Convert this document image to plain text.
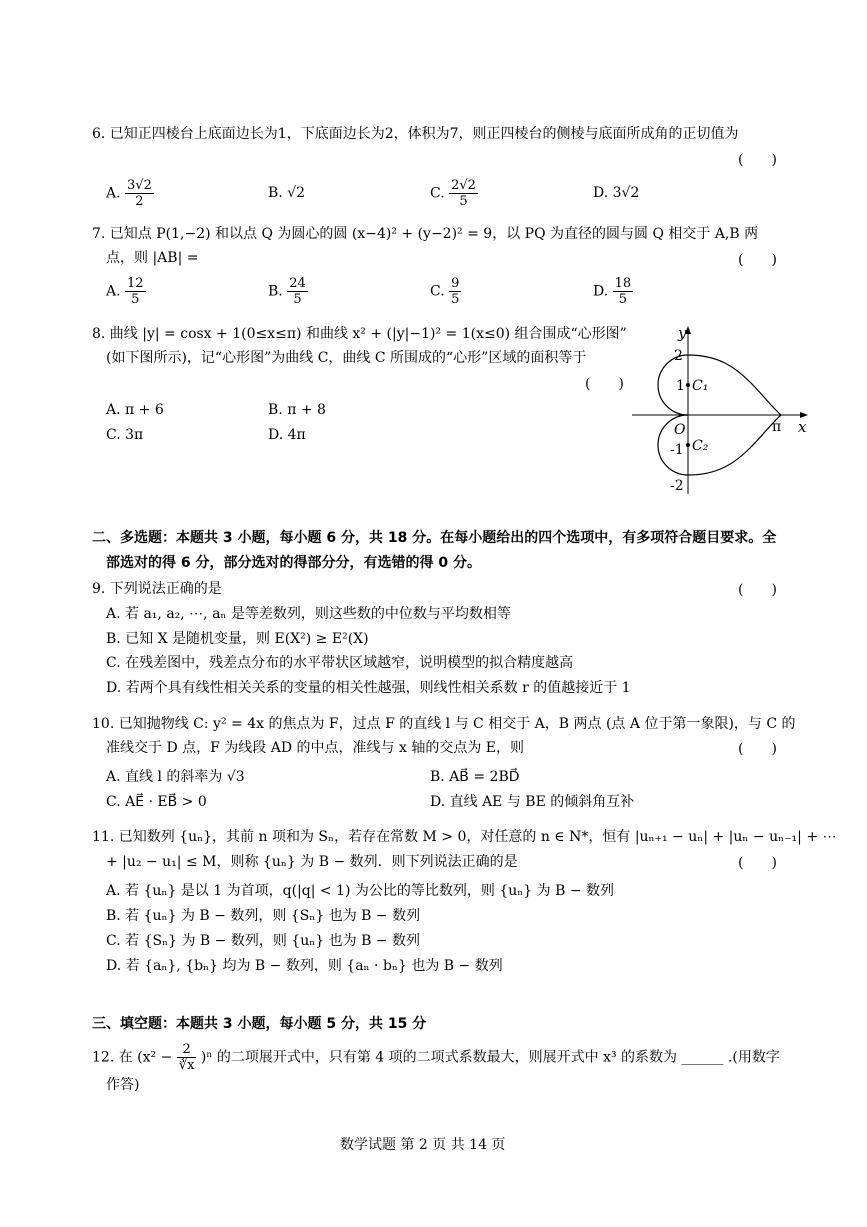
6. 已知正四棱台上底面边长为1，下底面边长为2，体积为7，则正四棱台的侧棱与底面所成角的正切值为
(　　)
A. $\frac{3√2}{2}$	B. √2	C. $\frac{2√2}{5}$	D. 3√2
7. 已知点 P(1,−2) 和以点 Q 为圆心的圆 (x−4)² + (y−2)² = 9，以 PQ 为直径的圆与圆 Q 相交于 A,B 两
点，则 |AB| =	(　　)
A. $\frac{12}{5}$	B. $\frac{24}{5}$	C. $\frac{9}{5}$	D. $\frac{18}{5}$
8. 曲线 |y| = cosx + 1(0≤x≤π) 和曲线 x² + (|y|−1)² = 1(x≤0) 组合围成“心形图”
(如下图所示)，记“心形图”为曲线 C，曲线 C 所围成的“心形”区域的面积等于
(　　)
A. π + 6	B. π + 8
C. 3π	D. 4π
y
x
O	π
2
1
-1
-2
C₁
C₂
二、多选题：本题共 3 小题，每小题 6 分，共 18 分。在每小题给出的四个选项中，有多项符合题目要求。全
部选对的得 6 分，部分选对的得部分分，有选错的得 0 分。
9. 下列说法正确的是	(　　)
A. 若 a₁, a₂, ⋯, aₙ 是等差数列，则这些数的中位数与平均数相等
B. 已知 X 是随机变量，则 E(X²) ≥ E²(X)
C. 在残差图中，残差点分布的水平带状区域越窄，说明模型的拟合精度越高
D. 若两个具有线性相关关系的变量的相关性越强，则线性相关系数 r 的值越接近于 1
10. 已知抛物线 C: y² = 4x 的焦点为 F，过点 F 的直线 l 与 C 相交于 A，B 两点 (点 A 位于第一象限)，与 C 的
准线交于 D 点，F 为线段 AD 的中点，准线与 x 轴的交点为 E，则	(　　)
A. 直线 l 的斜率为 √3	B. AB⃗ = 2BD⃗
C. AE⃗ · EB⃗ > 0	D. 直线 AE 与 BE 的倾斜角互补
11. 已知数列 {uₙ}，其前 n 项和为 Sₙ，若存在常数 M > 0，对任意的 n ∈ N*，恒有 |uₙ₊₁ − uₙ| + |uₙ − uₙ₋₁| + ⋯
+ |u₂ − u₁| ≤ M，则称 {uₙ} 为 B − 数列．则下列说法正确的是	(　　)
A. 若 {uₙ} 是以 1 为首项，q(|q| < 1) 为公比的等比数列，则 {uₙ} 为 B − 数列
B. 若 {uₙ} 为 B − 数列，则 {Sₙ} 也为 B − 数列
C. 若 {Sₙ} 为 B − 数列，则 {uₙ} 也为 B − 数列
D. 若 {aₙ}, {bₙ} 均为 B − 数列，则 {aₙ · bₙ} 也为 B − 数列
三、填空题：本题共 3 小题，每小题 5 分，共 15 分
12. 在 $(x^2 - \frac{2}{∛x} )^n$ 的二项展开式中，只有第 4 项的二项式系数最大，则展开式中 x³ 的系数为 ______ .(用数字
作答)
数学试题 第 2 页 共 14 页
